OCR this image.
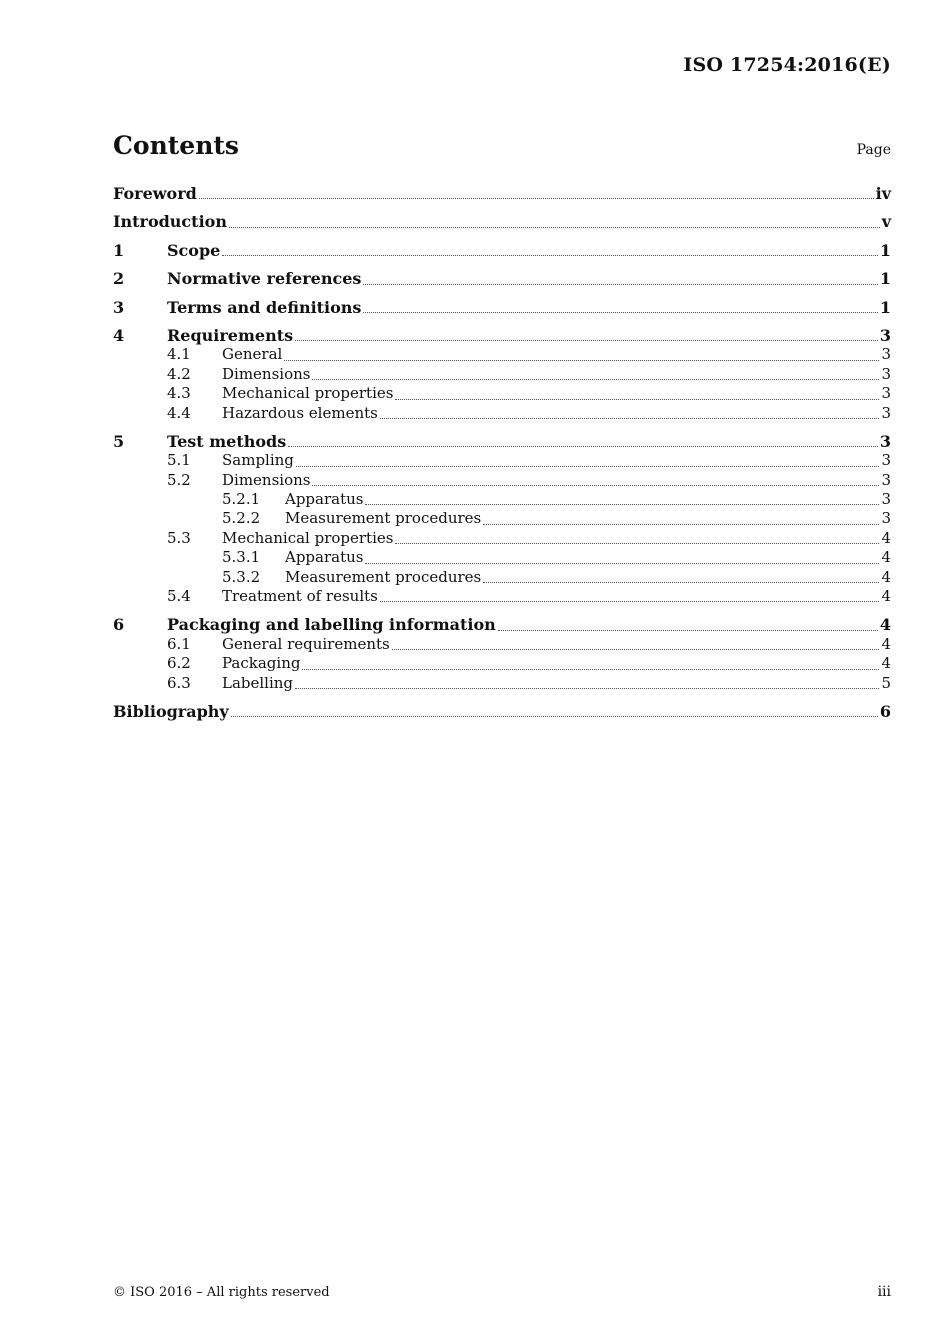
ISO 17254:2016(E)
Contents	Page
Foreword	iv
Introduction	v
1	Scope	1
2	Normative references	1
3	Terms and definitions	1
4	Requirements	3
4.1	General	3
4.2	Dimensions	3
4.3	Mechanical properties	3
4.4	Hazardous elements	3
5	Test methods	3
5.1	Sampling	3
5.2	Dimensions	3
5.2.1	Apparatus	3
5.2.2	Measurement procedures	3
5.3	Mechanical properties	4
5.3.1	Apparatus	4
5.3.2	Measurement procedures	4
5.4	Treatment of results	4
6	Packaging and labelling information	4
6.1	General requirements	4
6.2	Packaging	4
6.3	Labelling	5
Bibliography	6
© ISO 2016 – All rights reserved	iii
